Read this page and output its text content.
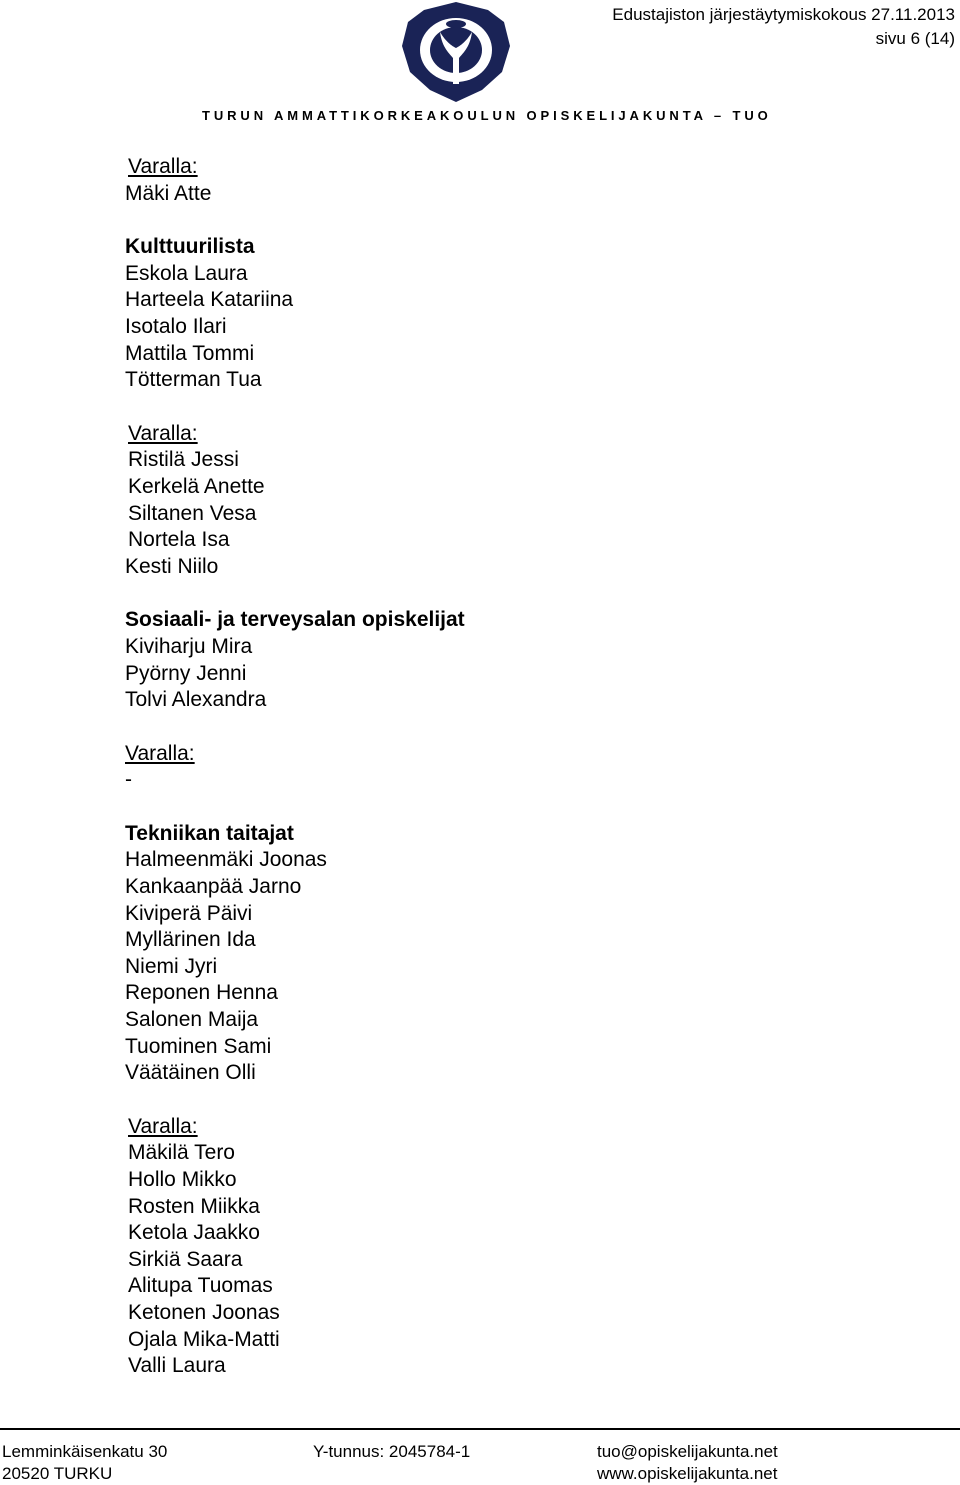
Edustajiston järjestäytymiskokous 27.11.2013
sivu 6 (14)
TURUN AMMATTIKORKEAKOULUN OPISKELIJAKUNTA – TUO
Varalla:
Mäki Atte
Kulttuurilista
Eskola Laura
Harteela Katariina
Isotalo Ilari
Mattila Tommi
Tötterman Tua
Varalla:
Ristilä Jessi
Kerkelä Anette
Siltanen Vesa
Nortela Isa
Kesti Niilo
Sosiaali- ja terveysalan opiskelijat
Kiviharju Mira
Pyörny Jenni
Tolvi Alexandra
Varalla:
-
Tekniikan taitajat
Halmeenmäki Joonas
Kankaanpää Jarno
Kiviperä Päivi
Myllärinen Ida
Niemi Jyri
Reponen Henna
Salonen Maija
Tuominen Sami
Väätäinen Olli
Varalla:
Mäkilä Tero
Hollo Mikko
Rosten Miikka
Ketola Jaakko
Sirkiä Saara
Alitupa Tuomas
Ketonen Joonas
Ojala Mika-Matti
Valli Laura
Lemminkäisenkatu 30
20520 TURKU
Y-tunnus: 2045784-1	tuo@opiskelijakunta.net
www.opiskelijakunta.net
